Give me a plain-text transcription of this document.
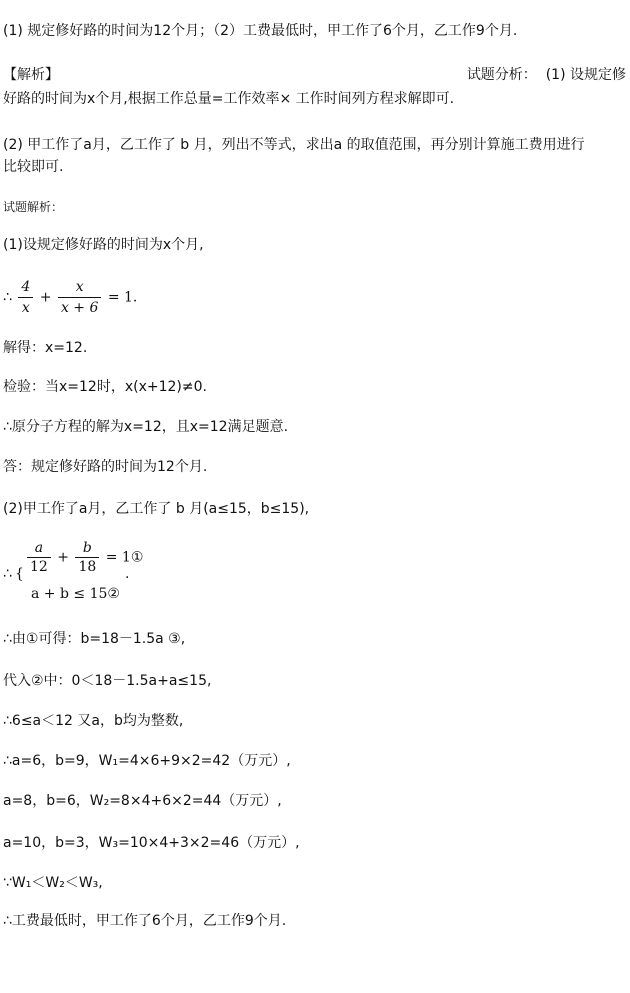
(1) 规定修好路的时间为12个月；（2）工费最低时，甲工作了6个月，乙工作9个月.
【解析】	试题分析： (1) 设规定修
好路的时间为x个月,根据工作总量=工作效率× 工作时间列方程求解即可.
(2) 甲工作了a月，乙工作了 b 月，列出不等式，求出a 的取值范围，再分别计算施工费用进行
比较即可.
试题解析：
(1)设规定修好路的时间为x个月,
∴ $\frac{4}{x} + \frac{x}{x + 6} = 1$.
解得：x=12.
检验：当x=12时，x(x+12)≠0.
∴原分子方程的解为x=12，且x=12满足题意.
答：规定修好路的时间为12个月.
(2)甲工作了a月，乙工作了 b 月(a≤15，b≤15),
∴ { $\frac{a}{12} + \frac{b}{18}$ = 1①
a + b ≤ 15②
.
∴由①可得：b=18－1.5a ③,
代入②中：0＜18－1.5a+a≤15,
∴6≤a＜12 又a，b均为整数,
∴a=6，b=9，W₁=4×6+9×2=42（万元）,
a=8，b=6，W₂=8×4+6×2=44（万元）,
a=10，b=3，W₃=10×4+3×2=46（万元）,
∵W₁＜W₂＜W₃,
∴工费最低时，甲工作了6个月，乙工作9个月.
